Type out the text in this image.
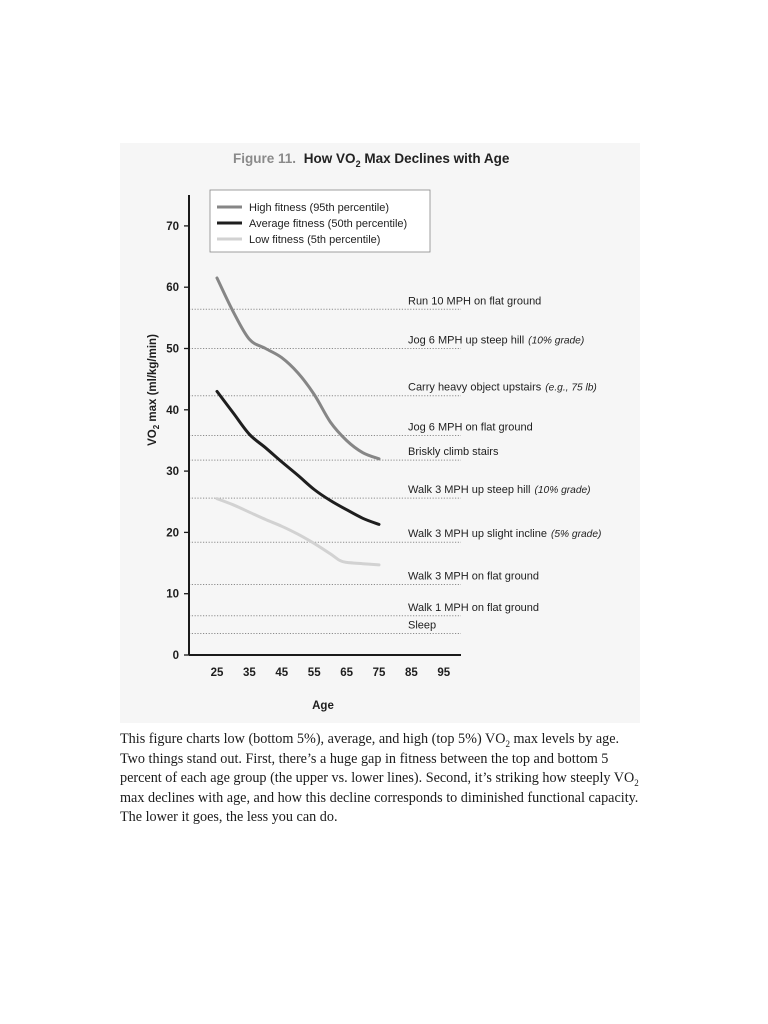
Figure 11. How $VO_2$ Max Declines with Age
Run 10 MPH on flat ground
Jog 6 MPH up steep hill (10% grade)
Carry heavy object upstairs (e.g., 75 lb)
Jog 6 MPH on flat ground
Briskly climb stairs
Walk 3 MPH up steep hill (10% grade)
Walk 3 MPH up slight incline (5% grade)
Walk 3 MPH on flat ground
Walk 1 MPH on flat ground
Sleep
0
10
20
30
40
50
60
70
25 35 45 55 65 75 85 95
High fitness (95th percentile)
Average fitness (50th percentile)
Low fitness (5th percentile)
$VO_2$ max (ml/kg/min)
Age
This figure charts low (bottom 5%), average, and high (top 5%) $VO_2$ max levels by age. Two things stand out. First, there’s a huge gap in fitness between the top and bottom 5 percent of each age group (the upper vs. lower lines). Second, it’s striking how steeply $VO_2$ max declines with age, and how this decline corresponds to diminished functional capacity. The lower it goes, the less you can do.
